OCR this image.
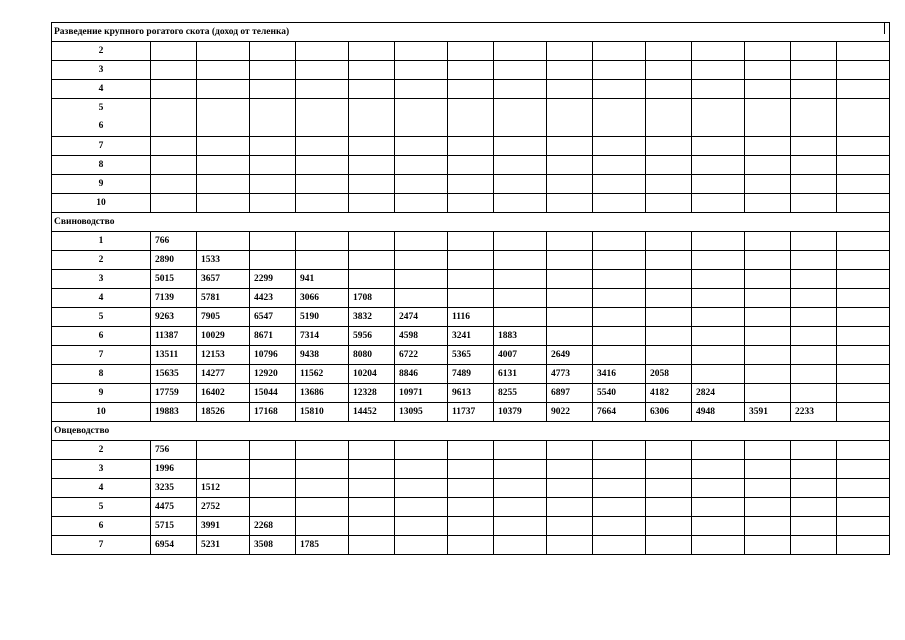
Разведение крупного рогатого скота (доход от теленка)															
2															
3															
4															

5
6															

7															
8															
9															
10															
Свиноводство															
1	766														
2	2890	1533													
3	5015	3657	2299	941											
4	7139	5781	4423	3066	1708										
5	9263	7905	6547	5190	3832	2474	1116								
6	11387	10029	8671	7314	5956	4598	3241	1883							
7	13511	12153	10796	9438	8080	6722	5365	4007	2649						
8	15635	14277	12920	11562	10204	8846	7489	6131	4773	3416	2058				
9	17759	16402	15044	13686	12328	10971	9613	8255	6897	5540	4182	2824			
10	19883	18526	17168	15810	14452	13095	11737	10379	9022	7664	6306	4948	3591	2233	
Овцеводство															
2	756														
3	1996														
4	3235	1512													
5	4475	2752													
6	5715	3991	2268												
7	6954	5231	3508	1785											
